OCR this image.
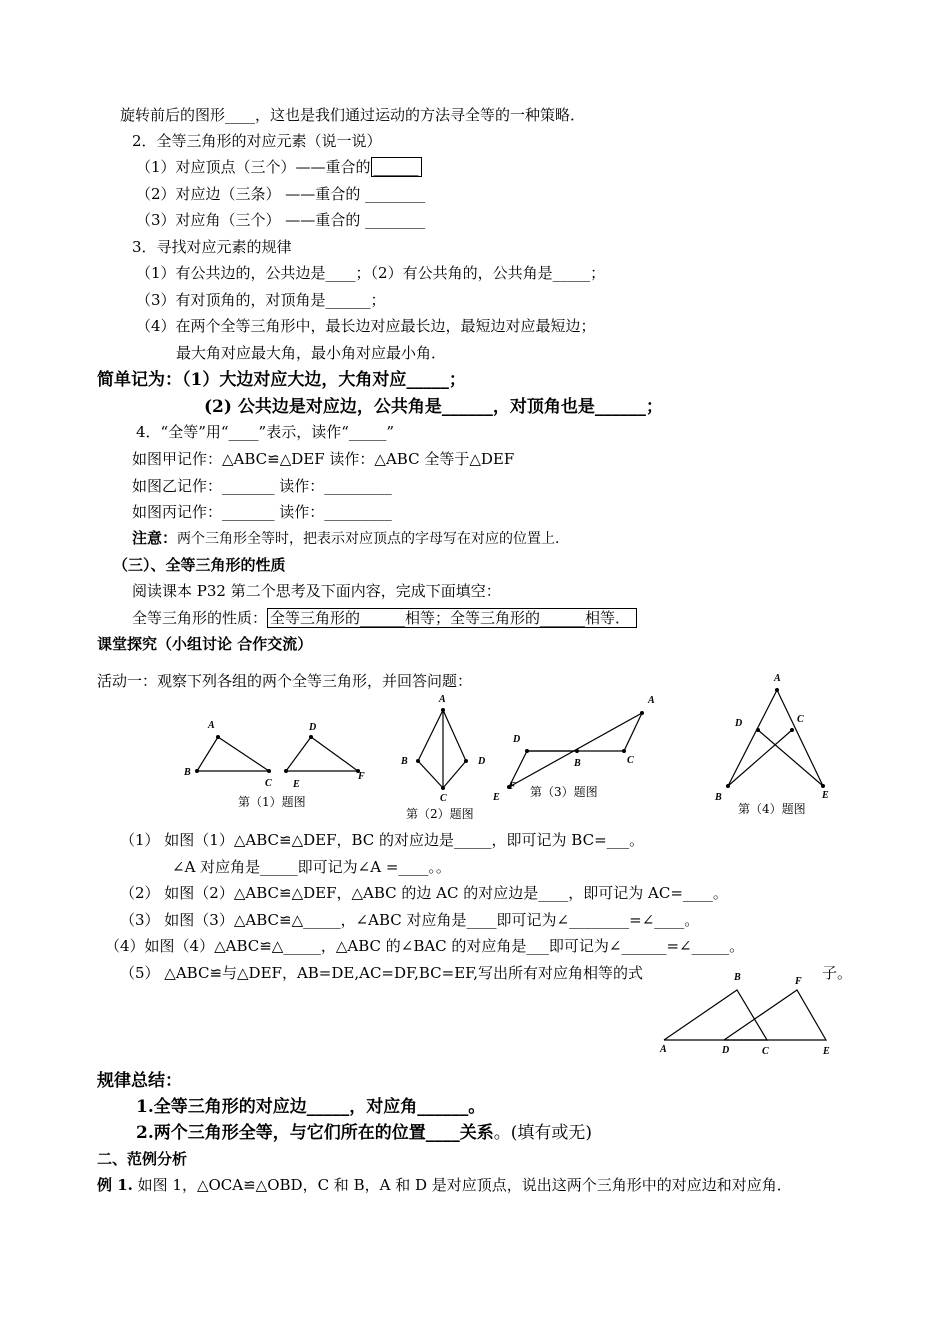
旋转前后的图形____，这也是我们通过运动的方法寻全等的一种策略．
2．全等三角形的对应元素（说一说）
（1）对应顶点（三个）——重合的 ______
（2）对应边（三条） ——重合的 ________
（3）对应角（三个） ——重合的 ________
3．寻找对应元素的规律
（1）有公共边的，公共边是____；（2）有公共角的，公共角是_____；
（3）有对顶角的，对顶角是______；
（4）在两个全等三角形中，最长边对应最长边，最短边对应最短边；
最大角对应最大角，最小角对应最小角．
简单记为：（1）大边对应大边，大角对应_____；
(2) 公共边是对应边，公共角是______，对顶角也是______；
4．“全等”用“____”表示，读作“_____”
如图甲记作：△ABC≌△DEF 读作：△ABC 全等于△DEF
如图乙记作：_______ 读作：_________
如图丙记作：_______ 读作：_________
注意：两个三角形全等时，把表示对应顶点的字母写在对应的位置上．
（三）、全等三角形的性质
阅读课本 P32 第二个思考及下面内容，完成下面填空：
全等三角形的性质： 全等三角形的______相等；全等三角形的______相等．
课堂探究（小组讨论 合作交流）
活动一：观察下列各组的两个全等三角形，并回答问题：
A
B
C
D
E
F
第（1）题图
A
B
C
D
第（2）题图
A
D
B	C
E
F 第（3）题图
A
D	C
B	E
第（4）题图
（1） 如图（1）△ABC≌△DEF，BC 的对应边是_____，即可记为 BC=___。
∠A 对应角是_____即可记为∠A =____。。
（2） 如图（2）△ABC≌△DEF，△ABC 的边 AC 的对应边是____，即可记为 AC=____。
（3） 如图（3）△ABC≌△_____，∠ABC 对应角是____即可记为∠________=∠____。
（4）如图（4）△ABC≌△_____，△ABC 的∠BAC 的对应角是___即可记为∠______=∠_____。
（5） △ABC≌与△DEF，AB=DE,AC=DF,BC=EF,写出所有对应角相等的式	子。
B	F
A	D	C	E
规律总结：
1.全等三角形的对应边_____，对应角______。
2.两个三角形全等，与它们所在的位置____关系。(填有或无)
二、范例分析
例 1. 如图 1，△OCA≌△OBD，C 和 B，A 和 D 是对应顶点，说出这两个三角形中的对应边和对应角．
